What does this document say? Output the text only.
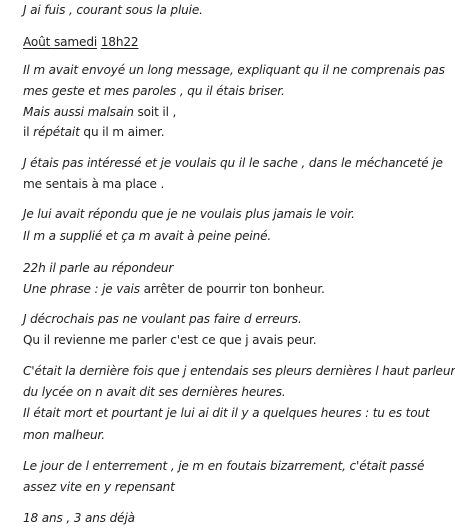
J ai fuis , courant sous la pluie.
Août samedi 18h22
Il m avait envoyé un long message, expliquant qu il ne comprenais pas
mes geste et mes paroles , qu il étais briser.
Mais aussi malsain soit il ,
il répétait qu il m aimer.
J étais pas intéressé et je voulais qu il le sache , dans le méchanceté je
me sentais à ma place .
Je lui avait répondu que je ne voulais plus jamais le voir.
Il m a supplié et ça m avait à peine peiné.
22h il parle au répondeur
Une phrase : je vais arrêter de pourrir ton bonheur.
J décrochais pas ne voulant pas faire d erreurs.
Qu il revienne me parler c'est ce que j avais peur.
C'était la dernière fois que j entendais ses pleurs dernières l haut parleur
du lycée on n avait dit ses dernières heures.
Il était mort et pourtant je lui ai dit il y a quelques heures : tu es tout
mon malheur.
Le jour de l enterrement , je m en foutais bizarrement, c'était passé
assez vite en y repensant
18 ans , 3 ans déjà
